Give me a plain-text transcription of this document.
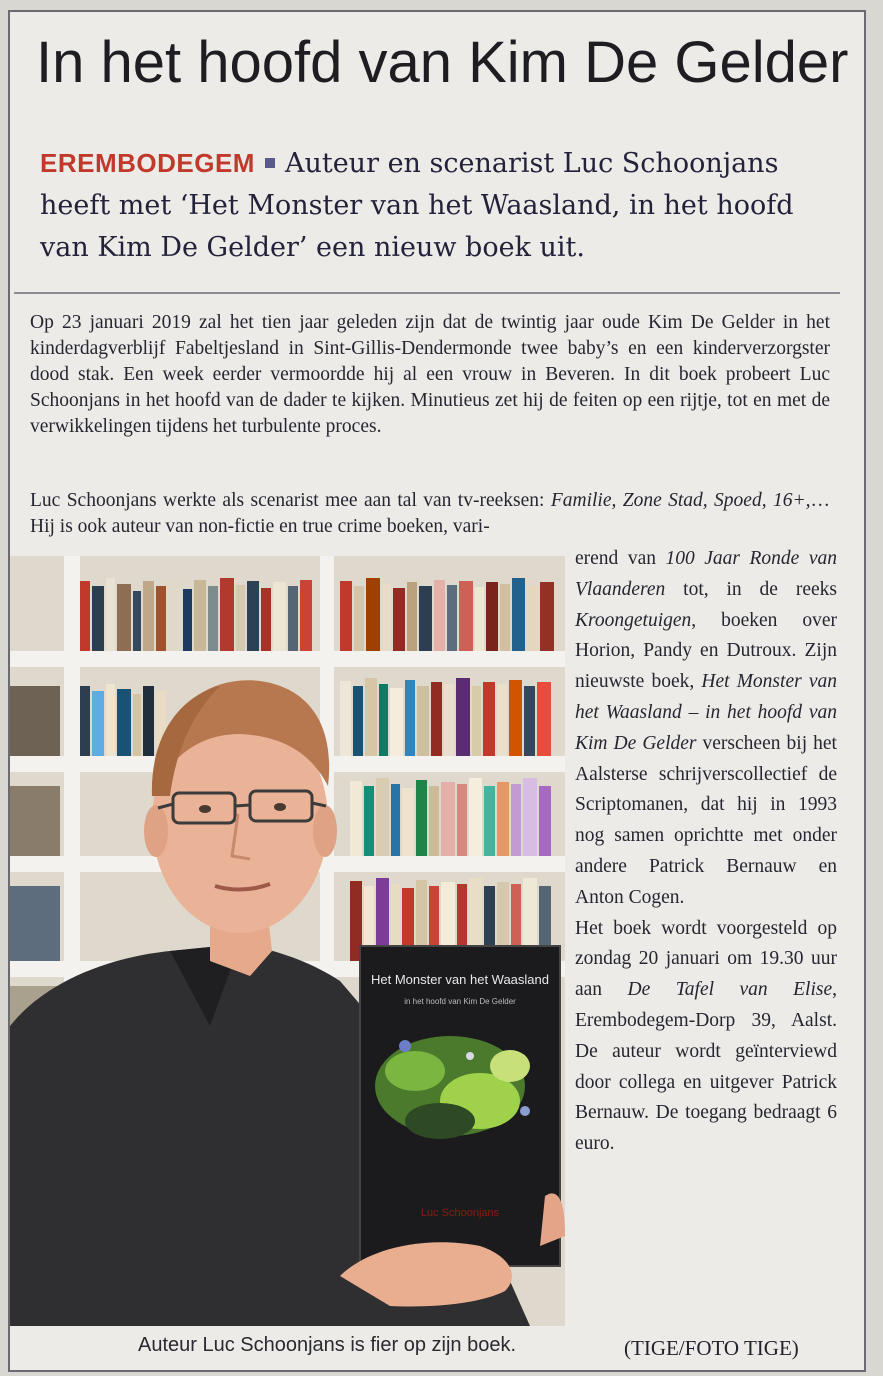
In het hoofd van Kim De Gelder

EREMBODEGEM Auteur en scenarist Luc Schoonjans heeft met ‘Het Monster van het Waasland, in het hoofd van Kim De Gelder’ een nieuw boek uit.

Op 23 januari 2019 zal het tien jaar geleden zijn dat de twintig jaar oude Kim De Gelder in het kinderdagverblijf Fabeltjesland in Sint-Gillis-Dendermonde twee baby’s en een kinderverzorgster dood stak. Een week eerder vermoordde hij al een vrouw in Beveren. In dit boek probeert Luc Schoonjans in het hoofd van de dader te kijken. Minutieus zet hij de feiten op een rijtje, tot en met de verwikkelingen tijdens het turbulente proces.

Luc Schoonjans werkte als scenarist mee aan tal van tv-reeksen: Familie, Zone Stad, Spoed, 16+,… Hij is ook auteur van non-fictie en true crime boeken, vari-

erend van 100 Jaar Ronde van Vlaanderen tot, in de reeks Kroongetuigen, boeken over Horion, Pandy en Dutroux. Zijn nieuwste boek, Het Monster van het Waasland – in het hoofd van Kim De Gelder verscheen bij het Aalsterse schrijverscollectief de Scriptomanen, dat hij in 1993 nog samen oprichtte met onder andere Patrick Bernauw en Anton Cogen.

Het boek wordt voorgesteld op zondag 20 januari om 19.30 uur aan De Tafel van Elise, Erembodegem-Dorp 39, Aalst. De auteur wordt geïnterviewd door collega en uitgever Patrick Bernauw. De toegang bedraagt 6 euro.

Het Monster van het Waasland
in het hoofd van Kim De Gelder
Luc Schoonjans

Auteur Luc Schoonjans is fier op zijn boek.	(TIGE/FOTO TIGE)
